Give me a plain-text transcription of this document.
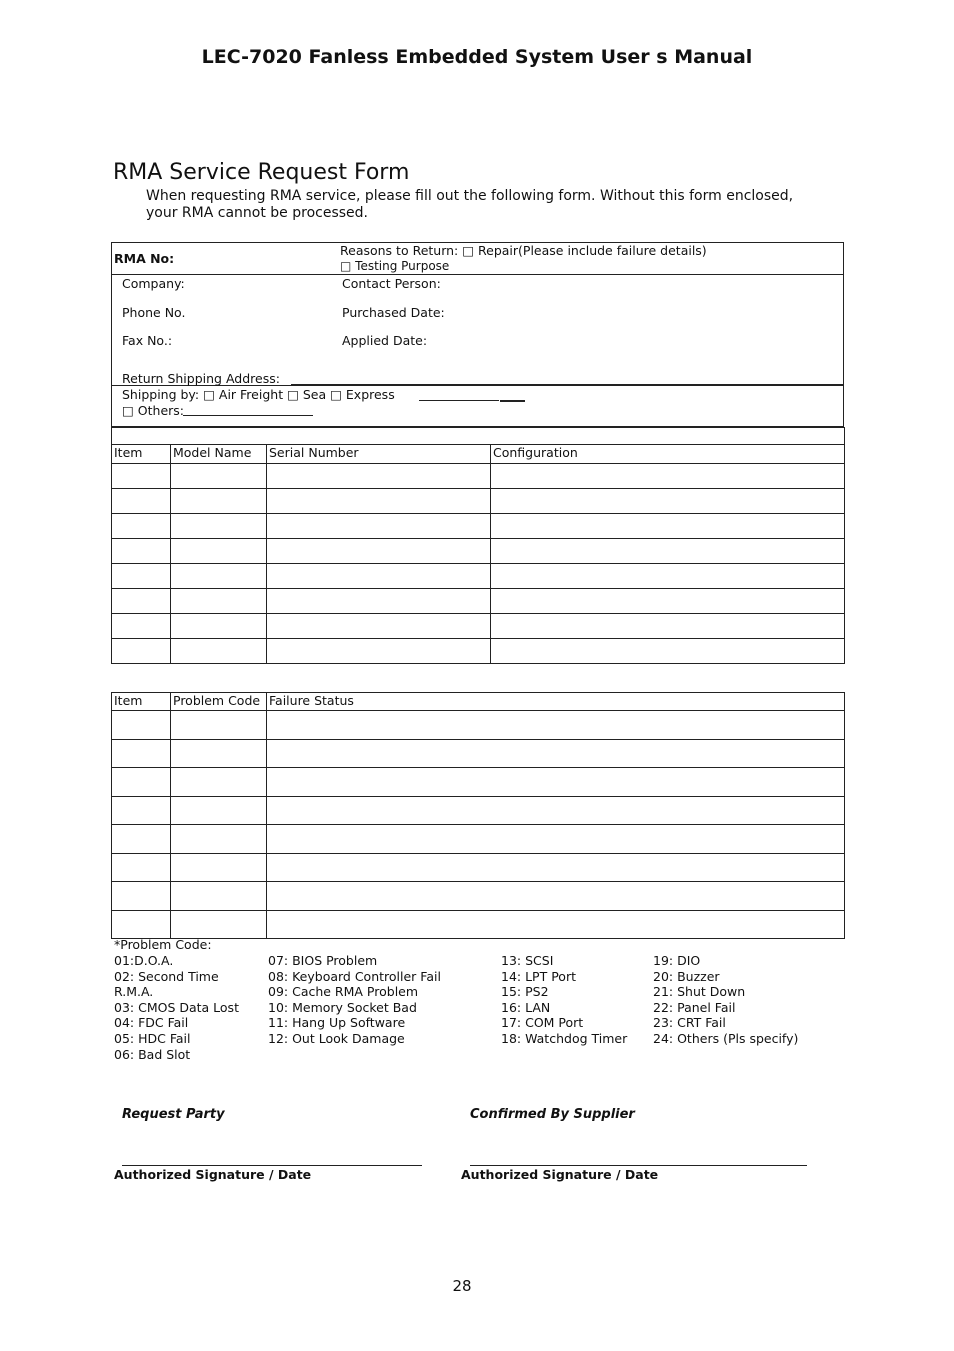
LEC-7020 Fanless Embedded System User s Manual
RMA Service Request Form
When requesting RMA service, please fill out the following form. Without this form enclosed,
your RMA cannot be processed.
RMA No:
Reasons to Return: □ Repair(Please include failure details)
□ Testing Purpose
Company:	Contact Person:
Phone No.	Purchased Date:
Fax No.:	Applied Date:
Return Shipping Address:
Shipping by: □ Air Freight □ Sea □ Express
□ Others:

Item	Model Name	Serial Number	Configuration

Item	Problem Code	Failure Status

*Problem Code:
01:D.O.A.
02: Second Time
R.M.A.
03: CMOS Data Lost
04: FDC Fail
05: HDC Fail
06: Bad Slot
07: BIOS Problem
08: Keyboard Controller Fail
09: Cache RMA Problem
10: Memory Socket Bad
11: Hang Up Software
12: Out Look Damage
13: SCSI
14: LPT Port
15: PS2
16: LAN
17: COM Port
18: Watchdog Timer
19: DIO
20: Buzzer
21: Shut Down
22: Panel Fail
23: CRT Fail
24: Others (Pls specify)
Request Party	Confirmed By Supplier
Authorized Signature / Date	Authorized Signature / Date
28
